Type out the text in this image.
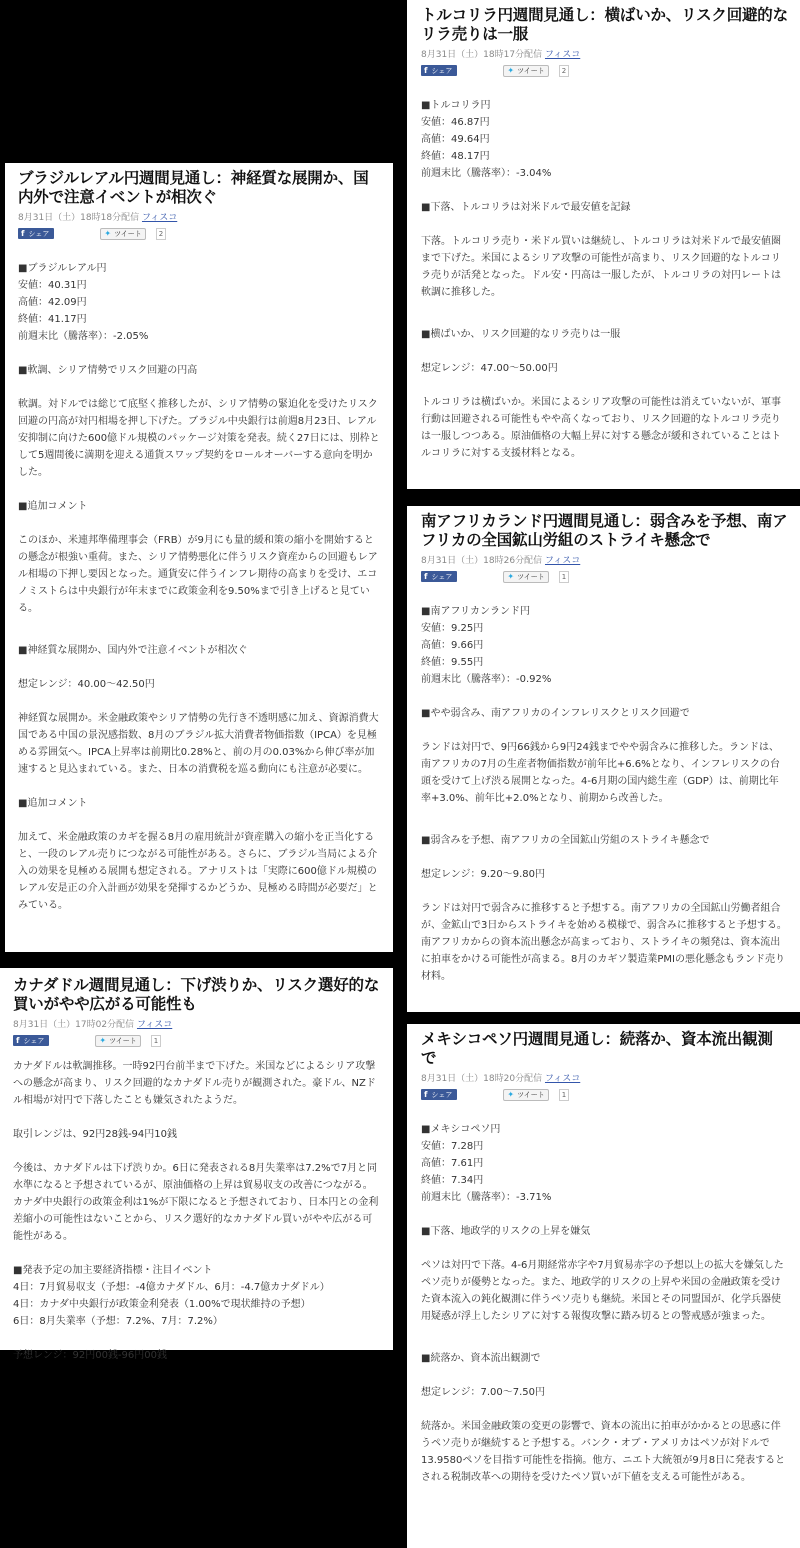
ブラジルレアル円週間見通し：神経質な展開か、国内外で注意イベントが相次ぐ
8月31日（土）18時18分配信 フィスコ
f シェア	✦ ツイート	2

■ブラジルレアル円

安値：40.31円

高値：42.09円

終値：41.17円

前週末比（騰落率）：-2.05%

■軟調、シリア情勢でリスク回避の円高

軟調。対ドルでは総じて底堅く推移したが、シリア情勢の緊迫化を受けたリスク回避の円高が対円相場を押し下げた。ブラジル中央銀行は前週8月23日、レアル安抑制に向けた600億ドル規模のパッケージ対策を発表。続く27日には、別枠として5週間後に満期を迎える通貨スワップ契約をロールオーバーする意向を明かした。

■追加コメント

このほか、米連邦準備理事会（FRB）が9月にも量的緩和策の縮小を開始するとの懸念が根強い重荷。また、シリア情勢悪化に伴うリスク資産からの回避もレアル相場の下押し要因となった。通貨安に伴うインフレ期待の高まりを受け、エコノミストらは中央銀行が年末までに政策金利を9.50%まで引き上げると見ている。

■神経質な展開か、国内外で注意イベントが相次ぐ

想定レンジ：40.00～42.50円

神経質な展開か。米金融政策やシリア情勢の先行き不透明感に加え、資源消費大国である中国の景況感指数、8月のブラジル拡大消費者物価指数（IPCA）を見極める雰囲気へ。IPCA上昇率は前期比0.28%と、前の月の0.03%から伸び率が加速すると見込まれている。また、日本の消費税を巡る動向にも注意が必要に。

■追加コメント

加えて、米金融政策のカギを握る8月の雇用統計が資産購入の縮小を正当化すると、一段のレアル売りにつながる可能性がある。さらに、ブラジル当局による介入の効果を見極める展開も想定される。アナリストは「実際に600億ドル規模のレアル安是正の介入計画が効果を発揮するかどうか、見極める時間が必要だ」とみている。

カナダドル週間見通し：下げ渋りか、リスク選好的な買いがやや広がる可能性も
8月31日（土）17時02分配信 フィスコ
f シェア	✦ ツイート	1

カナダドルは軟調推移。一時92円台前半まで下げた。米国などによるシリア攻撃への懸念が高まり、リスク回避的なカナダドル売りが観測された。豪ドル、NZドル相場が対円で下落したことも嫌気されたようだ。

取引レンジは、92円28銭-94円10銭

今後は、カナダドルは下げ渋りか。6日に発表される8月失業率は7.2%で7月と同水準になると予想されているが、原油価格の上昇は貿易収支の改善につながる。カナダ中央銀行の政策金利は1%が下限になると予想されており、日本円との金利差縮小の可能性はないことから、リスク選好的なカナダドル買いがやや広がる可能性がある。

■発表予定の加主要経済指標・注目イベント

4日：7月貿易収支（予想：-4億カナダドル、6月：-4.7億カナダドル）

4日：カナダ中央銀行が政策金利発表（1.00%で現状維持の予想）

6日：8月失業率（予想：7.2%、7月：7.2%）

予想レンジ：92円00銭-96円00銭

トルコリラ円週間見通し：横ばいか、リスク回避的なリラ売りは一服
8月31日（土）18時17分配信 フィスコ
f シェア	✦ ツイート	2

■トルコリラ円

安値：46.87円

高値：49.64円

終値：48.17円

前週末比（騰落率）：-3.04%

■下落、トルコリラは対米ドルで最安値を記録

下落。トルコリラ売り・米ドル買いは継続し、トルコリラは対米ドルで最安値圏まで下げた。米国によるシリア攻撃の可能性が高まり、リスク回避的なトルコリラ売りが活発となった。ドル安・円高は一服したが、トルコリラの対円レートは軟調に推移した。

■横ばいか、リスク回避的なリラ売りは一服

想定レンジ：47.00～50.00円

トルコリラは横ばいか。米国によるシリア攻撃の可能性は消えていないが、軍事行動は回避される可能性もやや高くなっており、リスク回避的なトルコリラ売りは一服しつつある。原油価格の大幅上昇に対する懸念が緩和されていることはトルコリラに対する支援材料となる。

南アフリカランド円週間見通し：弱含みを予想、南アフリカの全国鉱山労組のストライキ懸念で
8月31日（土）18時26分配信 フィスコ
f シェア	✦ ツイート	1

■南アフリカンランド円

安値：9.25円

高値：9.66円

終値：9.55円

前週末比（騰落率）：-0.92%

■やや弱含み、南アフリカのインフレリスクとリスク回避で

ランドは対円で、9円66銭から9円24銭までやや弱含みに推移した。ランドは、南アフリカの7月の生産者物価指数が前年比+6.6%となり、インフレリスクの台頭を受けて上げ渋る展開となった。4-6月期の国内総生産（GDP）は、前期比年率+3.0%、前年比+2.0%となり、前期から改善した。

■弱含みを予想、南アフリカの全国鉱山労組のストライキ懸念で

想定レンジ：9.20～9.80円

ランドは対円で弱含みに推移すると予想する。南アフリカの全国鉱山労働者組合が、金鉱山で3日からストライキを始める模様で、弱含みに推移すると予想する。南アフリカからの資本流出懸念が高まっており、ストライキの頻発は、資本流出に拍車をかける可能性が高まる。8月のカギソ製造業PMIの悪化懸念もランド売り材料。

メキシコペソ円週間見通し：続落か、資本流出観測で
8月31日（土）18時20分配信 フィスコ
f シェア	✦ ツイート	1

■メキシコペソ円

安値：7.28円

高値：7.61円

終値：7.34円

前週末比（騰落率）：-3.71%

■下落、地政学的リスクの上昇を嫌気

ペソは対円で下落。4-6月期経常赤字や7月貿易赤字の予想以上の拡大を嫌気したペソ売りが優勢となった。また、地政学的リスクの上昇や米国の金融政策を受けた資本流入の鈍化観測に伴うペソ売りも継続。米国とその同盟国が、化学兵器使用疑惑が浮上したシリアに対する報復攻撃に踏み切るとの警戒感が強まった。

■続落か、資本流出観測で

想定レンジ：7.00～7.50円

続落か。米国金融政策の変更の影響で、資本の流出に拍車がかかるとの思惑に伴うペソ売りが継続すると予想する。バンク・オブ・アメリカはペソが対ドルで13.9580ペソを目指す可能性を指摘。他方、ニエト大統領が9月8日に発表するとされる税制改革への期待を受けたペソ買いが下値を支える可能性がある。
